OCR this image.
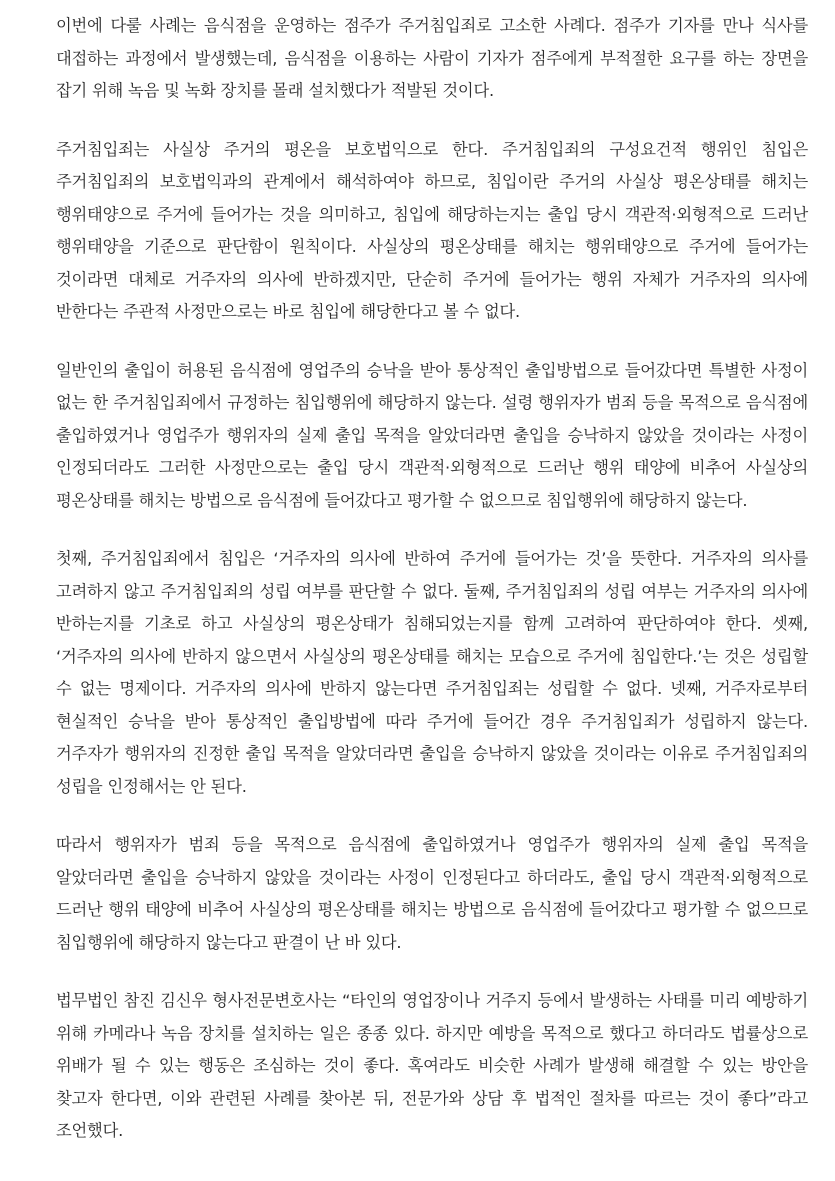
이번에 다룰 사례는 음식점을 운영하는 점주가 주거침입죄로 고소한 사례다. 점주가 기자를 만나 식사를 대접하는 과정에서 발생했는데, 음식점을 이용하는 사람이 기자가 점주에게 부적절한 요구를 하는 장면을 잡기 위해 녹음 및 녹화 장치를 몰래 설치했다가 적발된 것이다.

주거침입죄는 사실상 주거의 평온을 보호법익으로 한다. 주거침입죄의 구성요건적 행위인 침입은 주거침입죄의 보호법익과의 관계에서 해석하여야 하므로, 침입이란 주거의 사실상 평온상태를 해치는 행위태양으로 주거에 들어가는 것을 의미하고, 침입에 해당하는지는 출입 당시 객관적·외형적으로 드러난 행위태양을 기준으로 판단함이 원칙이다. 사실상의 평온상태를 해치는 행위태양으로 주거에 들어가는 것이라면 대체로 거주자의 의사에 반하겠지만, 단순히 주거에 들어가는 행위 자체가 거주자의 의사에 반한다는 주관적 사정만으로는 바로 침입에 해당한다고 볼 수 없다.

일반인의 출입이 허용된 음식점에 영업주의 승낙을 받아 통상적인 출입방법으로 들어갔다면 특별한 사정이 없는 한 주거침입죄에서 규정하는 침입행위에 해당하지 않는다. 설령 행위자가 범죄 등을 목적으로 음식점에 출입하였거나 영업주가 행위자의 실제 출입 목적을 알았더라면 출입을 승낙하지 않았을 것이라는 사정이 인정되더라도 그러한 사정만으로는 출입 당시 객관적·외형적으로 드러난 행위 태양에 비추어 사실상의 평온상태를 해치는 방법으로 음식점에 들어갔다고 평가할 수 없으므로 침입행위에 해당하지 않는다.

첫째, 주거침입죄에서 침입은 ‘거주자의 의사에 반하여 주거에 들어가는 것’을 뜻한다. 거주자의 의사를 고려하지 않고 주거침입죄의 성립 여부를 판단할 수 없다. 둘째, 주거침입죄의 성립 여부는 거주자의 의사에 반하는지를 기초로 하고 사실상의 평온상태가 침해되었는지를 함께 고려하여 판단하여야 한다. 셋째, ‘거주자의 의사에 반하지 않으면서 사실상의 평온상태를 해치는 모습으로 주거에 침입한다.’는 것은 성립할 수 없는 명제이다. 거주자의 의사에 반하지 않는다면 주거침입죄는 성립할 수 없다. 넷째, 거주자로부터 현실적인 승낙을 받아 통상적인 출입방법에 따라 주거에 들어간 경우 주거침입죄가 성립하지 않는다. 거주자가 행위자의 진정한 출입 목적을 알았더라면 출입을 승낙하지 않았을 것이라는 이유로 주거침입죄의 성립을 인정해서는 안 된다.

따라서 행위자가 범죄 등을 목적으로 음식점에 출입하였거나 영업주가 행위자의 실제 출입 목적을 알았더라면 출입을 승낙하지 않았을 것이라는 사정이 인정된다고 하더라도, 출입 당시 객관적·외형적으로 드러난 행위 태양에 비추어 사실상의 평온상태를 해치는 방법으로 음식점에 들어갔다고 평가할 수 없으므로 침입행위에 해당하지 않는다고 판결이 난 바 있다.

법무법인 참진 김신우 형사전문변호사는 “타인의 영업장이나 거주지 등에서 발생하는 사태를 미리 예방하기 위해 카메라나 녹음 장치를 설치하는 일은 종종 있다. 하지만 예방을 목적으로 했다고 하더라도 법률상으로 위배가 될 수 있는 행동은 조심하는 것이 좋다. 혹여라도 비슷한 사례가 발생해 해결할 수 있는 방안을 찾고자 한다면, 이와 관련된 사례를 찾아본 뒤, 전문가와 상담 후 법적인 절차를 따르는 것이 좋다”라고 조언했다.
